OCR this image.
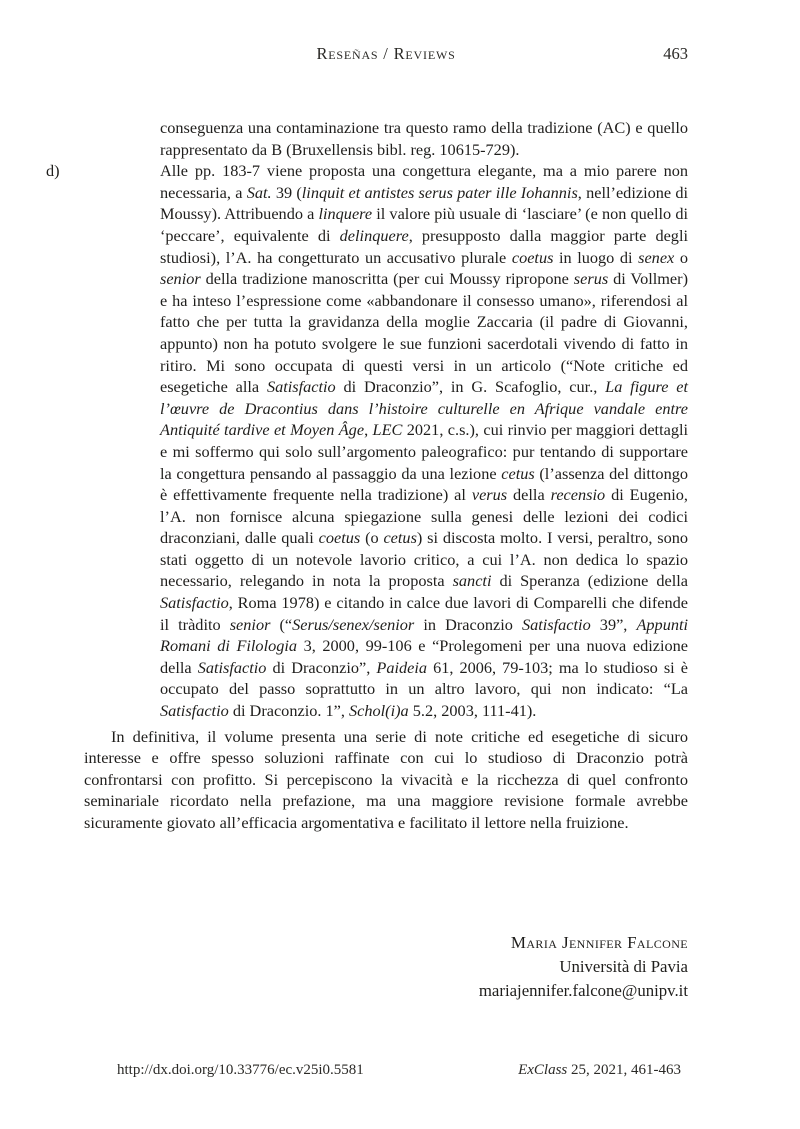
Reseñas / Reviews	463
conseguenza una contaminazione tra questo ramo della tradizione (AC) e quello rappresentato da B (Bruxellensis bibl. reg. 10615-729).
d)	Alle pp. 183-7 viene proposta una congettura elegante, ma a mio parere non necessaria, a Sat. 39 (linquit et antistes serus pater ille Iohannis, nell’edizione di Moussy). Attribuendo a linquere il valore più usuale di ‘lasciare’ (e non quello di ‘peccare’, equivalente di delinquere, presupposto dalla maggior parte degli studiosi), l’A. ha congetturato un accusativo plurale coetus in luogo di senex o senior della tradizione manoscritta (per cui Moussy ripropone serus di Vollmer) e ha inteso l’espressione come «abbandonare il consesso umano», riferendosi al fatto che per tutta la gravidanza della moglie Zaccaria (il padre di Giovanni, appunto) non ha potuto svolgere le sue funzioni sacerdotali vivendo di fatto in ritiro. Mi sono occupata di questi versi in un articolo (“Note critiche ed esegetiche alla Satisfactio di Draconzio”, in G. Scafoglio, cur., La figure et l’œuvre de Dracontius dans l’histoire culturelle en Afrique vandale entre Antiquité tardive et Moyen Âge, LEC 2021, c.s.), cui rinvio per maggiori dettagli e mi soffermo qui solo sull’argomento paleografico: pur tentando di supportare la congettura pensando al passaggio da una lezione cetus (l’assenza del dittongo è effettivamente frequente nella tradizione) al verus della recensio di Eugenio, l’A. non fornisce alcuna spiegazione sulla genesi delle lezioni dei codici draconziani, dalle quali coetus (o cetus) si discosta molto. I versi, peraltro, sono stati oggetto di un notevole lavorio critico, a cui l’A. non dedica lo spazio necessario, relegando in nota la proposta sancti di Speranza (edizione della Satisfactio, Roma 1978) e citando in calce due lavori di Comparelli che difende il tràdito senior (“Serus/senex/senior in Draconzio Satisfactio 39”, Appunti Romani di Filologia 3, 2000, 99-106 e “Prolegomeni per una nuova edizione della Satisfactio di Draconzio”, Paideia 61, 2006, 79-103; ma lo studioso si è occupato del passo soprattutto in un altro lavoro, qui non indicato: “La Satisfactio di Draconzio. 1”, Schol(i)a 5.2, 2003, 111-41).
In definitiva, il volume presenta una serie di note critiche ed esegetiche di sicuro interesse e offre spesso soluzioni raffinate con cui lo studioso di Draconzio potrà confrontarsi con profitto. Si percepiscono la vivacità e la ricchezza di quel confronto seminariale ricordato nella prefazione, ma una maggiore revisione formale avrebbe sicuramente giovato all’efficacia argomentativa e facilitato il lettore nella fruizione.
Maria Jennifer Falcone
Università di Pavia
mariajennifer.falcone@unipv.it
http://dx.doi.org/10.33776/ec.v25i0.5581	ExClass 25, 2021, 461-463
